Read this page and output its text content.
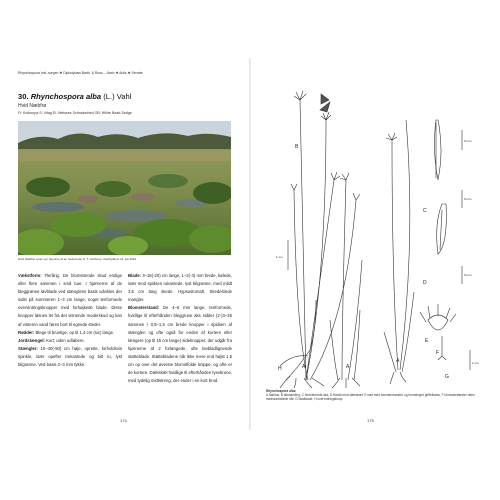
Rhynchospora hvit–sorgen ❖ Diplodybaw Barth. & Ross. – flash ❖ Aulis ❖ Serrate
30. Rhynchospora alba (L.) Vahl
Hvid Næbfrø
Fi: Kutinurpa S: Vitag Ei: Weisses Schnabelried GB: White Beak-Sedge
Hvid Næbfrø ryser og i hjemme af en hedemose S. T. Lønborg i Vesthylland. 11. juli 2016.

Vækstform: Flerårig. De blomstrende skud endige eller flere sammen i små tuer. I hjørnerne af de bleggrønne løvblade ved stænglens basis udvikles der sidst på sommeren 1–3 cm lange, noget tenformede overvintringsknopper med forhøjkede blade. Disse knopper løsnes let fra det visnende moderskud og kan af vinteren vand føres bort til egnede steder.

Rødder: Blege til brunlige, op til 1,4 cm (sic) lange.

Jordstængel: Kort, uden udløbere.

Stængler: 10–40(-50) cm høje, oprette, forholdsvis spinkle, især opefter trekantede og bilt ru, lyst bilgrønne. Ved basis 2–3 mm tykke.

Blade: 3–15(-20) cm lange, 1–2(-3) mm brede, kølede, især mod spidsen rukantede, lyst bilgrønne, med mildt 3,5 cm lang skede. Hypsostomalt. Skedehinde mangler.

Blomsterstand: De 4–6 mm lange, tenformede, hvidlige til efterhånden bleggrune aks sidder (2-)3–25 sammen i 0,5–1,5 cm brede knopper i spidsen af stænglen og ofte også for enden af kortere eller længere (op til 15 cm lange) sideknopper, der udgår fra hjørnerne af 2 forløngede, ofte løvbladlignende støtteblade. Støttebladene når ikke mere end højst 1,5 cm op over det øverste blomstfolde knippe, og ofte er de kortere. Dækskæl hvidlige til efterhånden lysebrune, med tydelig midtstreng, der ender i en kort brod.

174
B
C
D
E
F
G
H	A	A
A
5 mm
5 mm
1 cm
5 mm
1 cm
Rhynchospora alba
A habitus, B akssamling, C blomstrende aks, D frimsti med dækskæl, E nød med blomsterbørster og formænget griffelbasis, F blomsterbørster uden medstrømstede hår, G bladblade, H overvintringsknop.
175
